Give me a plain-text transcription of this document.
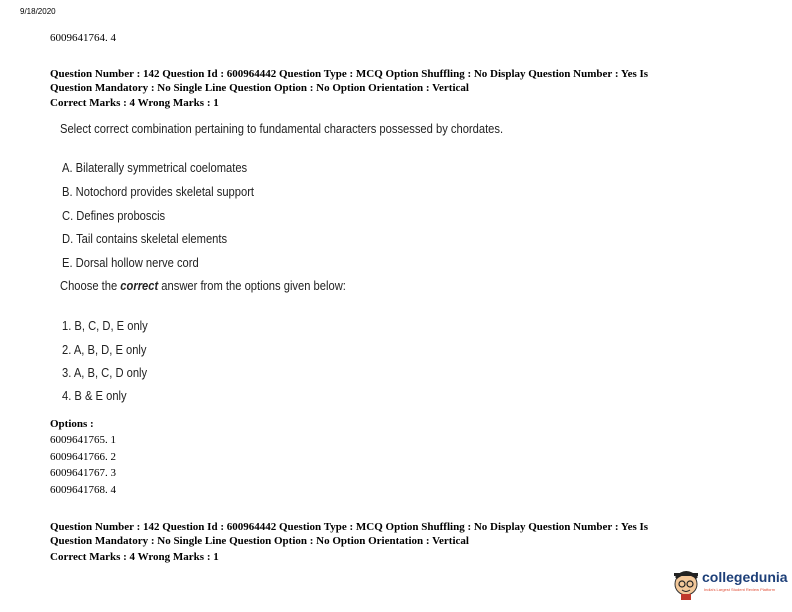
9/18/2020
6009641764. 4
Question Number : 142 Question Id : 600964442 Question Type : MCQ Option Shuffling : No Display Question Number : Yes Is
Question Mandatory : No Single Line Question Option : No Option Orientation : Vertical
Correct Marks : 4 Wrong Marks : 1
Select correct combination pertaining to fundamental characters possessed by chordates.
A. Bilaterally symmetrical coelomates
B. Notochord provides skeletal support
C. Defines proboscis
D. Tail contains skeletal elements
E. Dorsal hollow nerve cord
Choose the correct answer from the options given below:
1. B, C, D, E only
2. A, B, D, E only
3. A, B, C, D only
4. B & E only
Options :
6009641765. 1
6009641766. 2
6009641767. 3
6009641768. 4
Question Number : 142 Question Id : 600964442 Question Type : MCQ Option Shuffling : No Display Question Number : Yes Is
Question Mandatory : No Single Line Question Option : No Option Orientation : Vertical
Correct Marks : 4 Wrong Marks : 1
collegedunia
India's Largest Student Review Platform
